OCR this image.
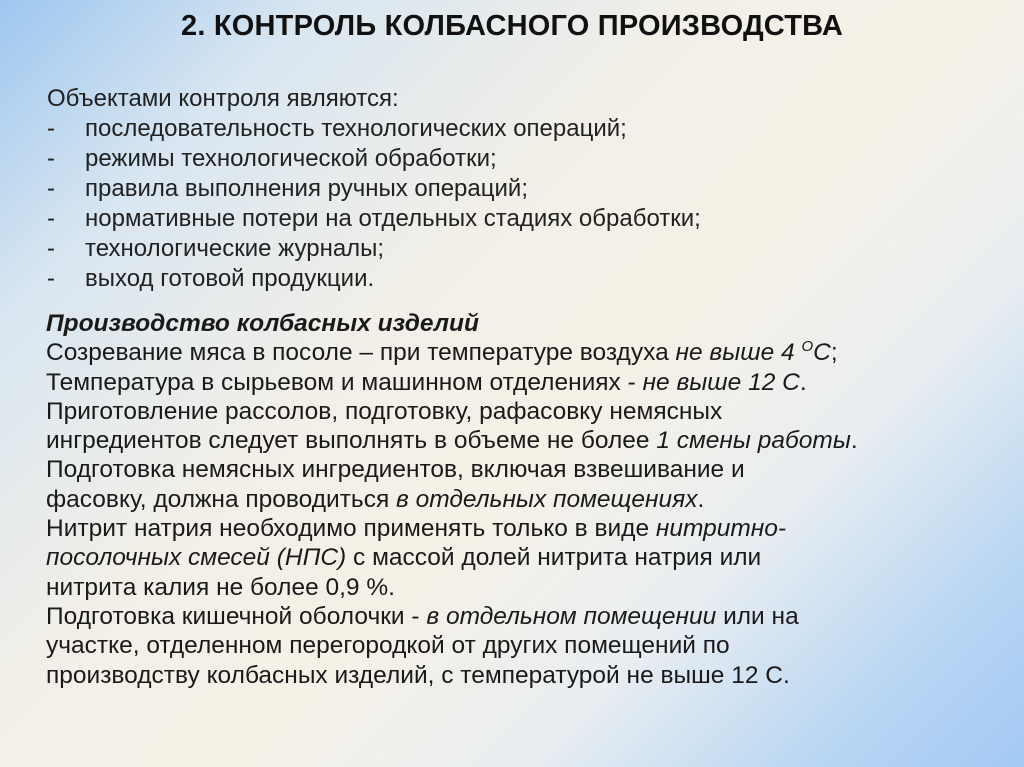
2. КОНТРОЛЬ КОЛБАСНОГО ПРОИЗВОДСТВА
Объектами контроля являются:
- последовательность технологических операций;
- режимы технологической обработки;
- правила выполнения ручных операций;
- нормативные потери на отдельных стадиях обработки;
- технологические журналы;
- выход готовой продукции.
Производство колбасных изделий
Созревание мяса в посоле – при температуре воздуха не выше 4 $^О$С;
Температура в сырьевом и машинном отделениях - не выше 12 С.
Приготовление рассолов, подготовку, рафасовку немясных
ингредиентов следует выполнять в объеме не более 1 смены работы.
Подготовка немясных ингредиентов, включая взвешивание и
фасовку, должна проводиться в отдельных помещениях.
Нитрит натрия необходимо применять только в виде нитритно-
посолочных смесей (НПС) с массой долей нитрита натрия или
нитрита калия не более 0,9 %.
Подготовка кишечной оболочки - в отдельном помещении или на
участке, отделенном перегородкой от других помещений по
производству колбасных изделий, с температурой не выше 12 С.
